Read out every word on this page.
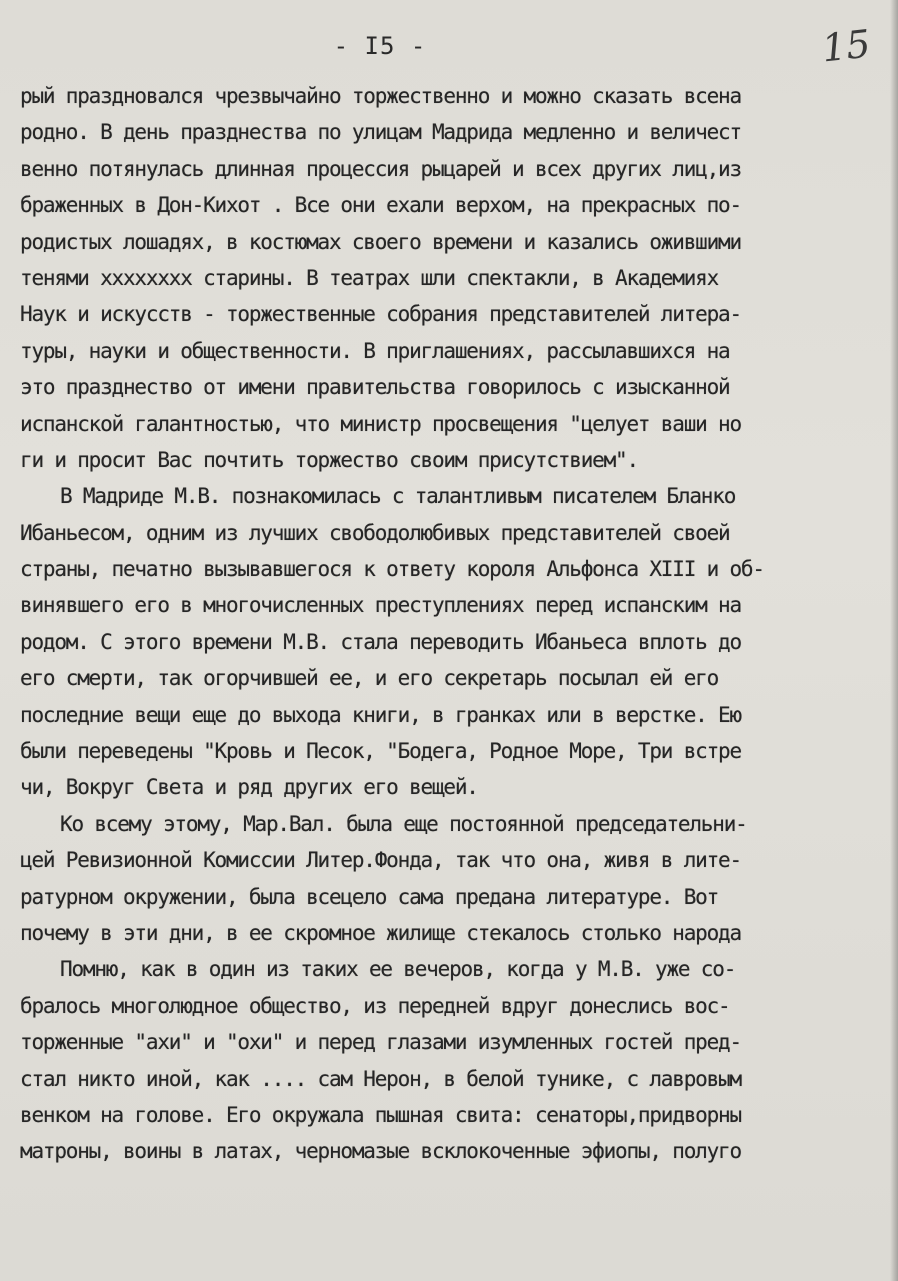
- I5 -	15
рый праздновался чрезвычайно торжественно и можно сказать всена
родно. В день празднества по улицам Мадрида медленно и величест
венно потянулась длинная процессия рыцарей и всех других лиц,из
браженных в Дон-Кихот . Все они ехали верхом, на прекрасных по-
родистых лошадях, в костюмах своего времени и казались ожившими
тенями xxxxxxxx старины. В театрах шли спектакли, в Академиях
Наук и искусств - торжественные собрания представителей литера-
туры, науки и общественности. В приглашениях, рассылавшихся на
это празднество от имени правительства говорилось с изысканной
испанской галантностью, что министр просвещения "целует ваши но
ги и просит Вас почтить торжество своим присутствием".
В Мадриде М.В. познакомилась с талантливым писателем Бланко
Ибаньесом, одним из лучших свободолюбивых представителей своей
страны, печатно вызывавшегося к ответу короля Альфонса XIII и об-
винявшего его в многочисленных преступлениях перед испанским на
родом. С этого времени М.В. стала переводить Ибаньеса вплоть до
его смерти, так огорчившей ее, и его секретарь посылал ей его
последние вещи еще до выхода книги, в гранках или в верстке. Ею
были переведены "Кровь и Песок, "Бодега, Родное Море, Три встре
чи, Вокруг Света и ряд других его вещей.
Ко всему этому, Мар.Вал. была еще постоянной председательни-
цей Ревизионной Комиссии Литер.Фонда, так что она, живя в лите-
ратурном окружении, была всецело сама предана литературе. Вот
почему в эти дни, в ее скромное жилище стекалось столько народа
Помню, как в один из таких ее вечеров, когда у М.В. уже со-
бралось многолюдное общество, из передней вдруг донеслись вос-
торженные "ахи" и "охи" и перед глазами изумленных гостей пред-
стал никто иной, как .... сам Нерон, в белой тунике, с лавровым
венком на голове. Его окружала пышная свита: сенаторы,придворны
матроны, воины в латах, черномазые всклокоченные эфиопы, полуго
